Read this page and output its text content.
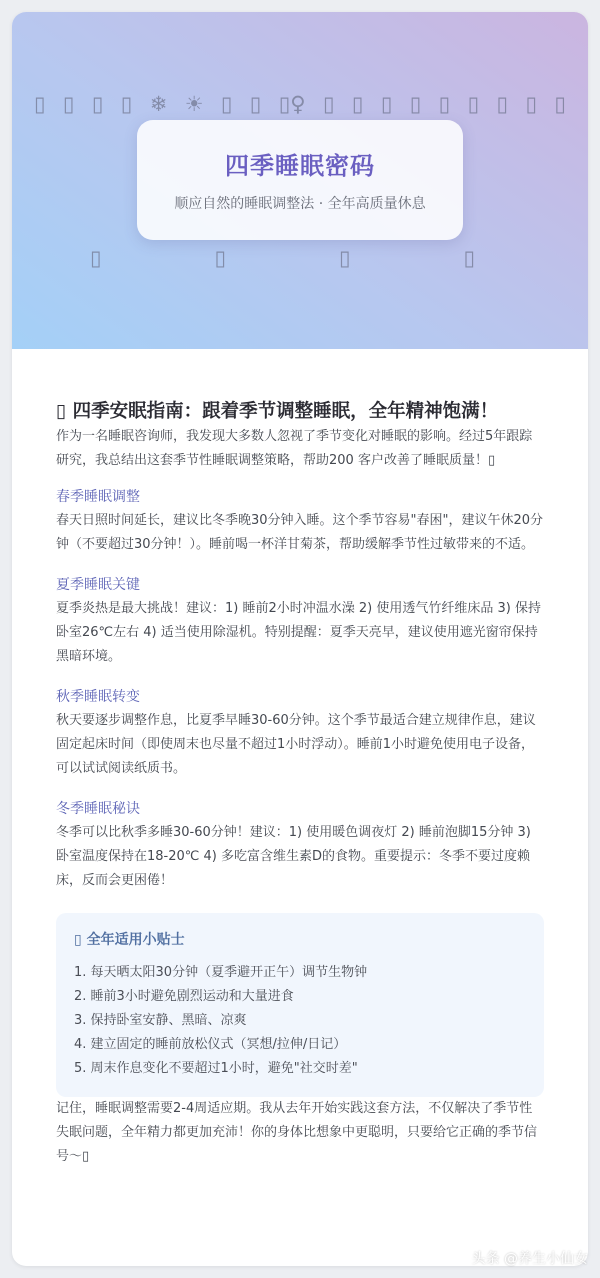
▯ ▯ ▯ ▯ ❄ ☀ ▯ ▯ ▯♀ ▯ ▯ ▯ ▯ ▯ ▯ ▯ ▯ ▯
四季睡眠密码
顺应自然的睡眠调整法 · 全年高质量休息
▯	▯	▯	▯
▯ 四季安眠指南：跟着季节调整睡眠，全年精神饱满！

作为一名睡眠咨询师，我发现大多数人忽视了季节变化对睡眠的影响。经过5年跟踪研究，我总结出这套季节性睡眠调整策略，帮助200 客户改善了睡眠质量！▯

春季睡眠调整

春天日照时间延长，建议比冬季晚30分钟入睡。这个季节容易"春困"，建议午休20分钟（不要超过30分钟！）。睡前喝一杯洋甘菊茶，帮助缓解季节性过敏带来的不适。

夏季睡眠关键

夏季炎热是最大挑战！建议：1) 睡前2小时冲温水澡 2) 使用透气竹纤维床品 3) 保持卧室26℃左右 4) 适当使用除湿机。特别提醒：夏季天亮早，建议使用遮光窗帘保持黑暗环境。

秋季睡眠转变

秋天要逐步调整作息，比夏季早睡30-60分钟。这个季节最适合建立规律作息，建议固定起床时间（即使周末也尽量不超过1小时浮动）。睡前1小时避免使用电子设备，可以试试阅读纸质书。

冬季睡眠秘诀

冬季可以比秋季多睡30-60分钟！建议：1) 使用暖色调夜灯 2) 睡前泡脚15分钟 3) 卧室温度保持在18-20℃ 4) 多吃富含维生素D的食物。重要提示：冬季不要过度赖床，反而会更困倦！

▯ 全年适用小贴士
1. 每天晒太阳30分钟（夏季避开正午）调节生物钟
2. 睡前3小时避免剧烈运动和大量进食
3. 保持卧室安静、黑暗、凉爽
4. 建立固定的睡前放松仪式（冥想/拉伸/日记）
5. 周末作息变化不要超过1小时，避免"社交时差"

记住，睡眠调整需要2-4周适应期。我从去年开始实践这套方法，不仅解决了季节性失眠问题，全年精力都更加充沛！你的身体比想象中更聪明，只要给它正确的季节信号～▯

头条 @养生小仙女
